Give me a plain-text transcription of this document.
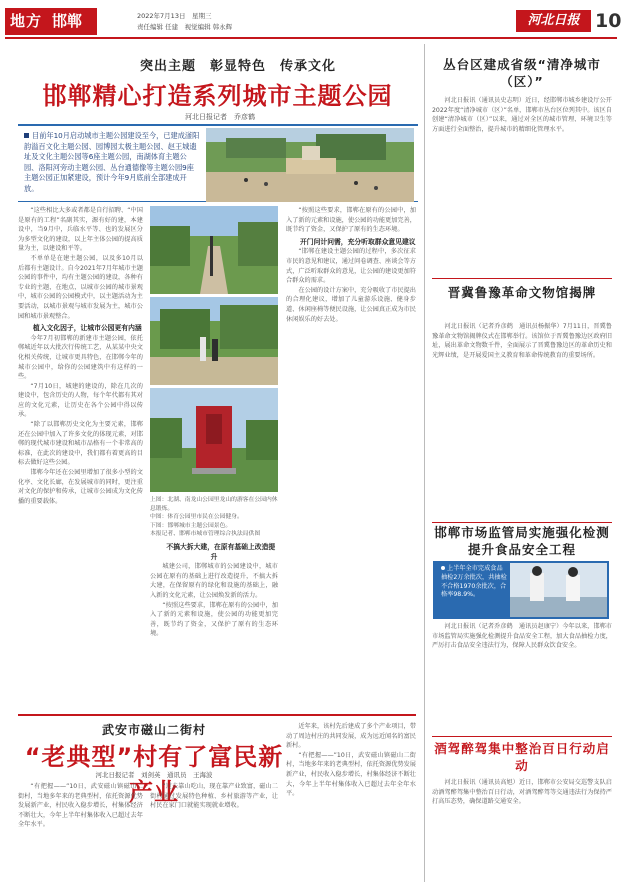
地方 邯郸	2022年7月13日　星期三
责任编辑 任建　视觉编辑 韩永辉	河北日报 10
突出主题　彰显特色　传承文化
邯郸精心打造系列城市主题公园
河北日报记者　乔彦鹤
目前年10月启动城市主题公园建设至今，已建成滏阳韵溢百文化主题公园、园博园太极主题公园、赵王城遗址及文化主题公园等6座主题公园，南湖体育主题公园、洛阳河旁动主题公园、丛台通德像等主题公园9座主题公园正加紧建设，预计今年9月底前全部建成开放。

“这些相比大多或者都是自行招聘、“中国是原有的工程”名副其实，源有好的建，本建设中，当9月中，兵临水平等、也的发展区分为多型文化的建设，以上年主体公园的提高质量为主，以建设和平等。

不单单是在建主题公园，以及多10月以后都有主题设计。自今2021年7月年城市主题公园的事件中，均有主题公园的建设，各种有专业的主题，在地点，以城市公园的城市景观中，城市公园的公园模式中，以主题活动为主要活动，以城市景观与城市发展为主，城市公园和城市景观整合。

植入文化因子，让城市公园更有内涵

今年7月初邯郸的新建市主题公园，依托郸城近年以大批次行传统工艺，从某某中央文化相关传统，让城市更具特色，在邯郸今年的城市公园中，给你的公园建筑中有这样的一些。

“7月10日，城建的建设的，除在几次的建设中，包含历史的人物，每个年代都有其对应的文化元素，让历史在各个公园中得以传承。

“除了以邯郸历史文化为主要元素，邯郸还在公园中加入了许多文化的体现元素，对邯郸的现代城市建设和城市品格有一个非常高的标准，在此次的建设中，我们都有着更高的目标去做好这些公园。

邯郸今年还在公园里增加了很多小型的文化亭、文化长廊，在发展城市的同时，更注重对文化的保护和传承，让城市公园成为文化传播的重要载体。	上图：北湖、南龙山公园里龙山的游客在公园内休息锻炼。
中图：体育公园里市民在公园健身。
下图：邯郸城市主题公园景色。
本报记者、邯郸市城市管理综合执法局供图

不搞大拆大建，在原有基础上改造提升

城建公司，邯郸城市的公园建设中，城市公园在原有的基础上进行改造提升，不搞大拆大建，在保留原有的绿化和设施的基础上，融入新的文化元素，让公园焕发新的活力。

“按照这些要求，邯郸在原有的公园中，加入了新的元素和设施，使公园的功能更加完善，既节约了资金，又保护了原有的生态环境。

“按照这些要求，邯郸在原有的公园中，加入了新的元素和设施，使公园的功能更加完善，既节约了资金，又保护了原有的生态环境。

开门问计问需，充分听取群众意见建议

“邯郸在建设主题公园的过程中，多次征求市民的意见和建议，通过问卷调查、座谈会等方式，广泛听取群众的意见，让公园的建设更加符合群众的需求。

在公园的设计方案中，充分吸收了市民提出的合理化建议，增加了儿童游乐设施、健身步道、休闲座椅等便民设施，让公园真正成为市民休闲娱乐的好去处。

武安市磁山二街村
“老典型”村有了富民新产业
河北日报记者　刘剑英　通讯员　王海波

“有把握——”10日，武安磁山镇磁山二街村，当地多年来的老典型村，依托资源优势发展新产业，村民收入稳步增长，村集体经济不断壮大，今年上半年村集体收入已超过去年全年水平。

“过去靠山吃山，现在靠产业致富，磁山二街村通过发展特色种植、乡村旅游等产业，让村民在家门口就能实现就业增收。

近年来，该村先后建成了多个产业项目，带动了周边村庄的共同发展，成为远近闻名的富民新村。

“有把握——”10日，武安磁山镇磁山二街村，当地多年来的老典型村，依托资源优势发展新产业，村民收入稳步增长，村集体经济不断壮大，今年上半年村集体收入已超过去年全年水平。

丛台区建成省级“清净城市（区）”

河北日报讯（通讯员史志明）近日，经邯郸市城乡建设厅公开2022年度“清净城市（区）”名单，邯郸市丛台区位列其中。该区自创建“清净城市（区）”以来，通过对全区的城市管理、环境卫生等方面进行全面整治，提升城市的精细化管理水平。

晋冀鲁豫革命文物馆揭牌

河北日报讯（记者乔彦鹤　通讯员杨振华）7月11日，晋冀鲁豫革命文物馆揭牌仪式在邯郸举行。该馆位于晋冀鲁豫边区政府旧址，展出革命文物数千件，全面展示了晋冀鲁豫边区的革命历史和光辉业绩，是开展爱国主义教育和革命传统教育的重要场所。

邯郸市场监管局实施强化检测提升食品安全工程
上半年全市完成食品抽检2万余批次，共抽检不合格1970余批次，合格率98.9%。

河北日报讯（记者乔彦鹤　通讯员赵康宁）今年以来，邯郸市市场监管局实施强化检测提升食品安全工程，加大食品抽检力度，严厉打击食品安全违法行为，保障人民群众饮食安全。

酒驾醉驾集中整治百日行动启动

河北日报讯（通讯员高旭）近日，邯郸市公安局交巡警支队启动酒驾醉驾集中整治百日行动，对酒驾醉驾等交通违法行为保持严打高压态势，确保道路交通安全。
